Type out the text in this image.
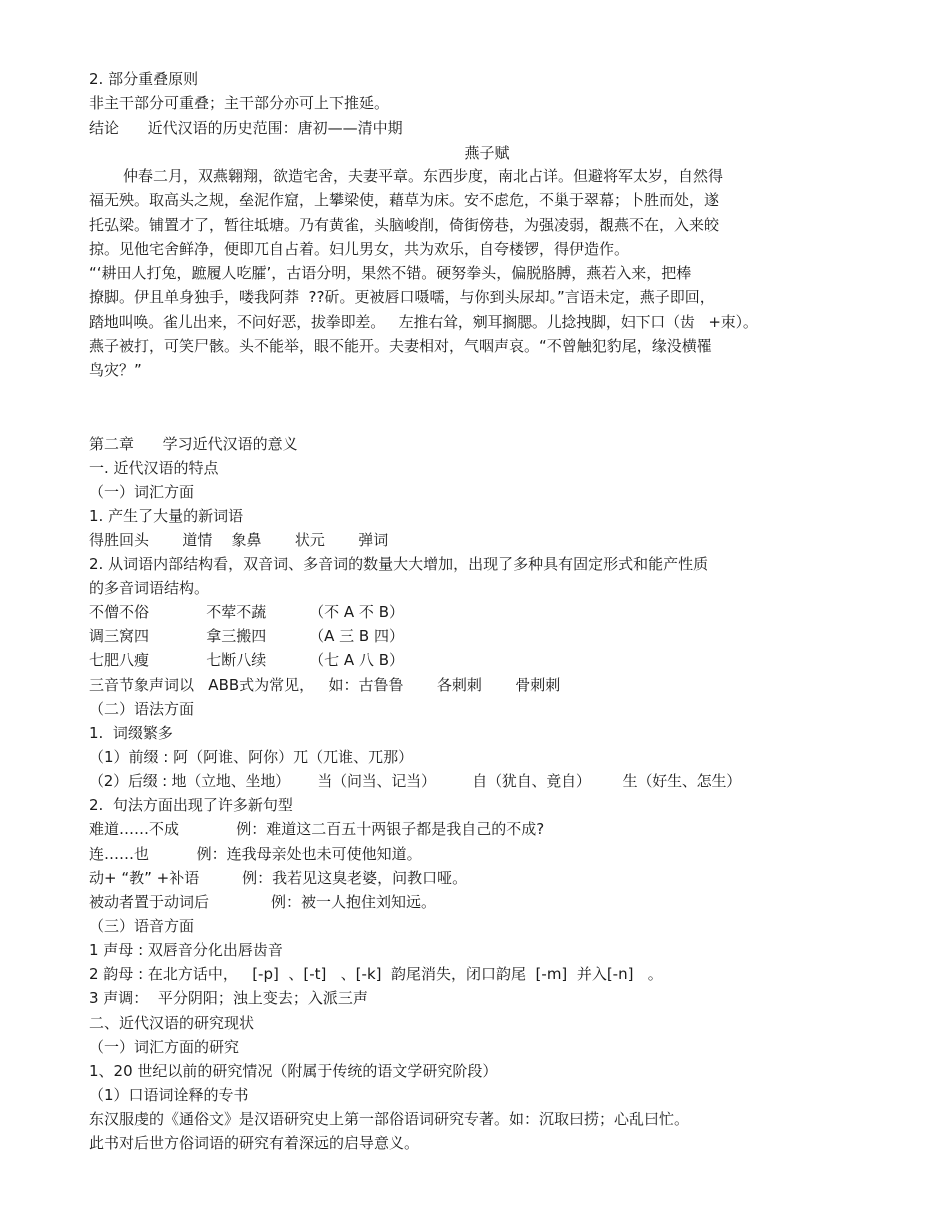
2. 部分重叠原则
非主干部分可重叠；主干部分亦可上下推延。
结论      近代汉语的历史范围：唐初——清中期
燕子赋
仲春二月，双燕翱翔，欲造宅舍，夫妻平章。东西步度，南北占详。但避将军太岁，自然得
福无殃。取高头之规，垒泥作窟，上攀梁使，藉草为床。安不虑危，不巢于翠幕；卜胜而处，遂
托弘梁。铺置才了，暂往坻塘。乃有黄雀，头脑峻削，倚街傍巷，为强凌弱，覩燕不在，入来皎
掠。见他宅舍鲜净，便即兀自占着。妇儿男女，共为欢乐，自夸楼锣，得伊造作。
“‘耕田人打兔，蹠履人吃臛’，古语分明，果然不错。硬努拳头，偏脱胳膊，燕若入来，把棒
撩脚。伊且单身独手，喽我阿莽  ??斫。更被唇口嗫嚅，与你到头尿却。”言语未定，燕子即回，
踏地叫唤。雀儿出来，不问好恶，拔拳即差。   左推右耸，剜耳搁腮。儿捻拽脚，妇下口（齿   +朿）。
燕子被打，可笑尸骸。头不能举，眼不能开。夫妻相对，气咽声哀。“不曾触犯豹尾，缘没横罹
鸟灾？”
第二章      学习近代汉语的意义
一. 近代汉语的特点
（一）词汇方面
1. 产生了大量的新词语
得胜回头       道情    象鼻       状元       弹词
2. 从词语内部结构看，双音词、多音词的数量大大增加，出现了多种具有固定形式和能产性质
的多音词语结构。
不僧不俗            不荤不蔬         （不 A 不 B）
调三窝四            拿三搬四         （A 三 B 四）
七肥八瘦            七断八续         （七 A 八 B）
三音节象声词以   ABB式为常见，   如：古鲁鲁       各刺刺       骨刺刺
（二）语法方面
1.  词缀繁多
（1）前缀 : 阿（阿谁、阿你）兀（兀谁、兀那）
（2）后缀 : 地（立地、坐地）      当（问当、记当）        自（犹自、竟自）       生（好生、怎生）
2.  句法方面出现了许多新句型
难道……不成            例：难道这二百五十两银子都是我自己的不成?
连……也          例：连我母亲处也未可使他知道。
动+ “教” +补语         例：我若见这臭老婆，问教口哑。
被动者置于动词后             例：被一人抱住刘知远。
（三）语音方面
1 声母 : 双唇音分化出唇齿音
2 韵母 : 在北方话中，   [-p]  、[-t]   、[-k]  韵尾消失，闭口韵尾  [-m]  并入[-n]   。
3 声调：  平分阴阳；浊上变去；入派三声
二、近代汉语的研究现状
（一）词汇方面的研究
1、20 世纪以前的研究情况（附属于传统的语文学研究阶段）
（1）口语词诠释的专书
东汉服虔的《通俗文》是汉语研究史上第一部俗语词研究专著。如：沉取曰捞；心乱曰忙。
此书对后世方俗词语的研究有着深远的启导意义。
